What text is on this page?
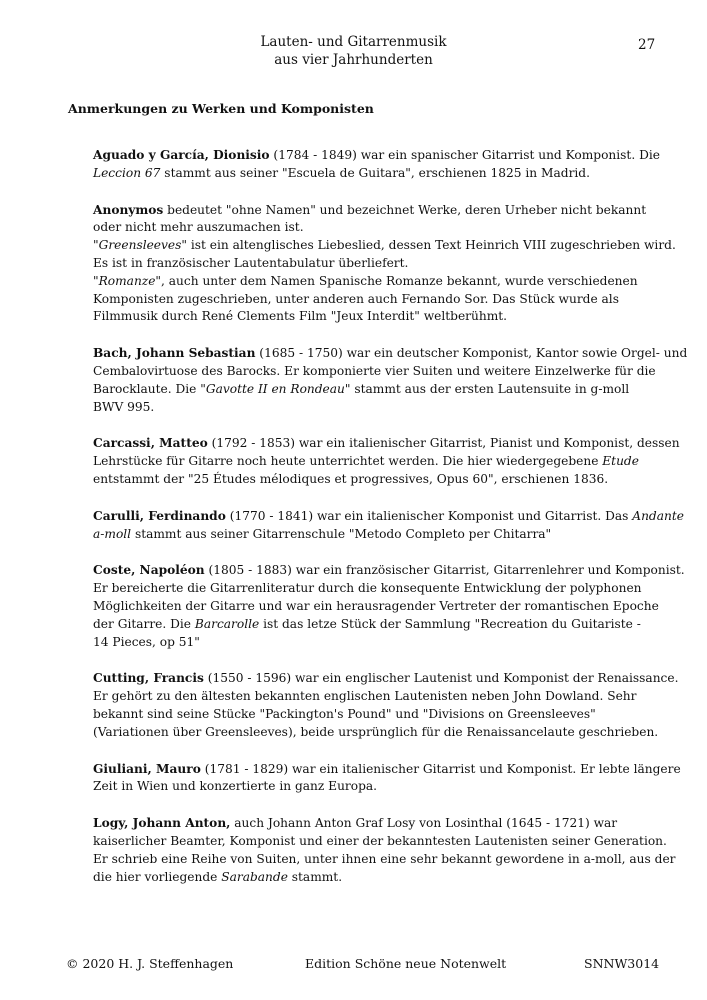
Lauten- und Gitarrenmusik
aus vier Jahrhunderten
27
Anmerkungen zu Werken und Komponisten
Aguado y García, Dionisio (1784 - 1849) war ein spanischer Gitarrist und Komponist. Die
Leccion 67 stammt aus seiner "Escuela de Guitara", erschienen 1825 in Madrid.
Anonymos bedeutet "ohne Namen" und bezeichnet Werke, deren Urheber nicht bekannt
oder nicht mehr auszumachen ist.
"Greensleeves" ist ein altenglisches Liebeslied, dessen Text Heinrich VIII zugeschrieben wird.
Es ist in französischer Lautentabulatur überliefert.
"Romanze", auch unter dem Namen Spanische Romanze bekannt, wurde verschiedenen
Komponisten zugeschrieben, unter anderen auch Fernando Sor. Das Stück wurde als
Filmmusik durch René Clements Film "Jeux Interdit" weltberühmt.
Bach, Johann Sebastian (1685 - 1750) war ein deutscher Komponist, Kantor sowie Orgel- und
Cembalovirtuose des Barocks. Er komponierte vier Suiten und weitere Einzelwerke für die
Barocklaute. Die "Gavotte II en Rondeau" stammt aus der ersten Lautensuite in g-moll
BWV 995.
Carcassi, Matteo (1792 - 1853) war ein italienischer Gitarrist, Pianist und Komponist, dessen
Lehrstücke für Gitarre noch heute unterrichtet werden. Die hier wiedergegebene Etude
entstammt der "25 Études mélodiques et progressives, Opus 60", erschienen 1836.
Carulli, Ferdinando (1770 - 1841) war ein italienischer Komponist und Gitarrist. Das Andante
a-moll stammt aus seiner Gitarrenschule "Metodo Completo per Chitarra"
Coste, Napoléon (1805 - 1883) war ein französischer Gitarrist, Gitarrenlehrer und Komponist.
Er bereicherte die Gitarrenliteratur durch die konsequente Entwicklung der polyphonen
Möglichkeiten der Gitarre und war ein herausragender Vertreter der romantischen Epoche
der Gitarre. Die Barcarolle ist das letze Stück der Sammlung "Recreation du Guitariste -
14 Pieces, op 51"
Cutting, Francis (1550 - 1596) war ein englischer Lautenist und Komponist der Renaissance.
Er gehört zu den ältesten bekannten englischen Lautenisten neben John Dowland. Sehr
bekannt sind seine Stücke "Packington's Pound" und "Divisions on Greensleeves"
(Variationen über Greensleeves), beide ursprünglich für die Renaissancelaute geschrieben.
Giuliani, Mauro (1781 - 1829) war ein italienischer Gitarrist und Komponist. Er lebte längere
Zeit in Wien und konzertierte in ganz Europa.
Logy, Johann Anton, auch Johann Anton Graf Losy von Losinthal (1645 - 1721) war
kaiserlicher Beamter, Komponist und einer der bekanntesten Lautenisten seiner Generation.
Er schrieb eine Reihe von Suiten, unter ihnen eine sehr bekannt gewordene in a-moll, aus der
die hier vorliegende Sarabande stammt.
© 2020 H. J. Steffenhagen	Edition Schöne neue Notenwelt	SNNW3014
